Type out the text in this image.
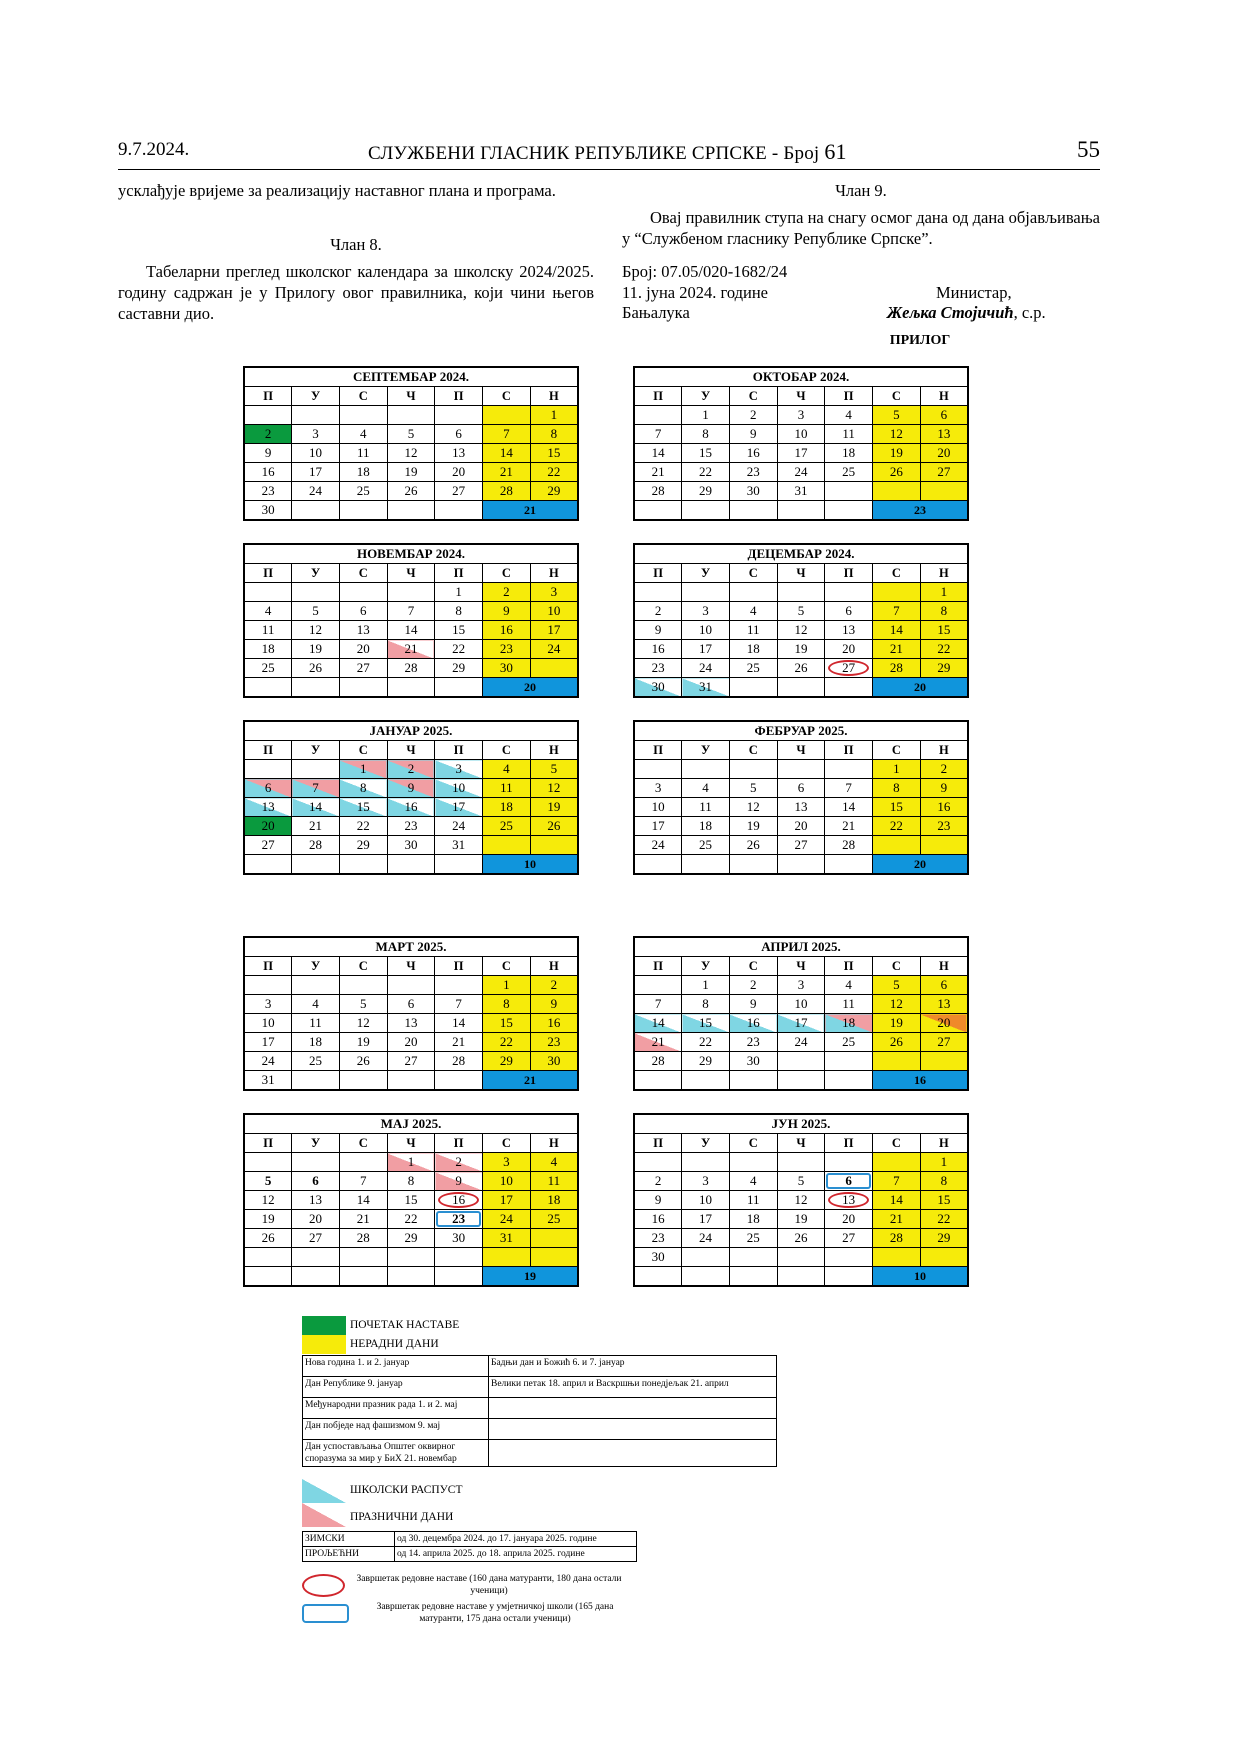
9.7.2024.	СЛУЖБЕНИ ГЛАСНИК РЕПУБЛИКЕ СРПСКЕ - Број 61	55
усклађује вријеме за реализацију наставног плана и програма.
Члан 8.
Табеларни преглед школског календара за школску 2024/2025. годину садржан је у Прилогу овог правилника, који чини његов саставни дио.
Члан 9.
Овај правилник ступа на снагу осмог дана од дана објављивања у “Службеном гласнику Републике Српске”.
Број: 07.05/020-1682/24
11. јуна 2024. године
Бањалука
Министар,
Жељка Стојичић, с.р.
ПРИЛОГ
СЕПТЕМБАР 2024.						
П	У	С	Ч	П	С	Н
						1
2	3	4	5	6	7	8
9	10	11	12	13	14	15
16	17	18	19	20	21	22
23	24	25	26	27	28	29
30					21	
ОКТОБАР 2024.						
П	У	С	Ч	П	С	Н
	1	2	3	4	5	6
7	8	9	10	11	12	13
14	15	16	17	18	19	20
21	22	23	24	25	26	27
28	29	30	31			
					23	
НОВЕМБАР 2024.						
П	У	С	Ч	П	С	Н
				1	2	3
4	5	6	7	8	9	10
11	12	13	14	15	16	17
18	19	20	21	22	23	24
25	26	27	28	29	30	
					20	
ДЕЦЕМБАР 2024.						
П	У	С	Ч	П	С	Н
						1
2	3	4	5	6	7	8
9	10	11	12	13	14	15
16	17	18	19	20	21	22
23	24	25	26	27	28	29
30	31				20	
ЈАНУАР 2025.						
П	У	С	Ч	П	С	Н
		1	2	3	4	5
6	7	8	9	10	11	12
13	14	15	16	17	18	19
20	21	22	23	24	25	26
27	28	29	30	31		
					10	
ФЕБРУАР 2025.						
П	У	С	Ч	П	С	Н
					1	2
3	4	5	6	7	8	9
10	11	12	13	14	15	16
17	18	19	20	21	22	23
24	25	26	27	28		
					20	
МАРТ 2025.						
П	У	С	Ч	П	С	Н
					1	2
3	4	5	6	7	8	9
10	11	12	13	14	15	16
17	18	19	20	21	22	23
24	25	26	27	28	29	30
31					21	
АПРИЛ 2025.						
П	У	С	Ч	П	С	Н
	1	2	3	4	5	6
7	8	9	10	11	12	13
14	15	16	17	18	19	20
21	22	23	24	25	26	27
28	29	30				
					16	
МАЈ 2025.						
П	У	С	Ч	П	С	Н
			1	2	3	4
5	6	7	8	9	10	11
12	13	14	15	16	17	18
19	20	21	22	23	24	25
26	27	28	29	30	31	

					19	
ЈУН 2025.						
П	У	С	Ч	П	С	Н
						1
2	3	4	5	6	7	8
9	10	11	12	13	14	15
16	17	18	19	20	21	22
23	24	25	26	27	28	29
30						
					10	
ПОЧЕТАК НАСТАВЕ
НЕРАДНИ ДАНИ
Нова година 1. и 2. јануар	Бадњи дан и Божић 6. и 7. јануар
Дан Републике 9. јануар	Велики петак 18. април и Васкршњи понедјељак 21. април
Међународни празник рада 1. и 2. мај	
Дан побједе над фашизмом 9. мај	
Дан успостављања Општег оквирног споразума за мир у БиХ 21. новембар	
ШКОЛСКИ РАСПУСТ
ПРАЗНИЧНИ ДАНИ
ЗИМСКИ	од 30. децембра 2024. до 17. јануара 2025. године
ПРОЉЕЋНИ	од 14. априла 2025. до 18. априла 2025. године
Завршетак редовне наставе (160 дана матуранти, 180 дана остали ученици)
Завршетак редовне наставе у умјетничкој школи (165 дана матуранти, 175 дана остали ученици)
